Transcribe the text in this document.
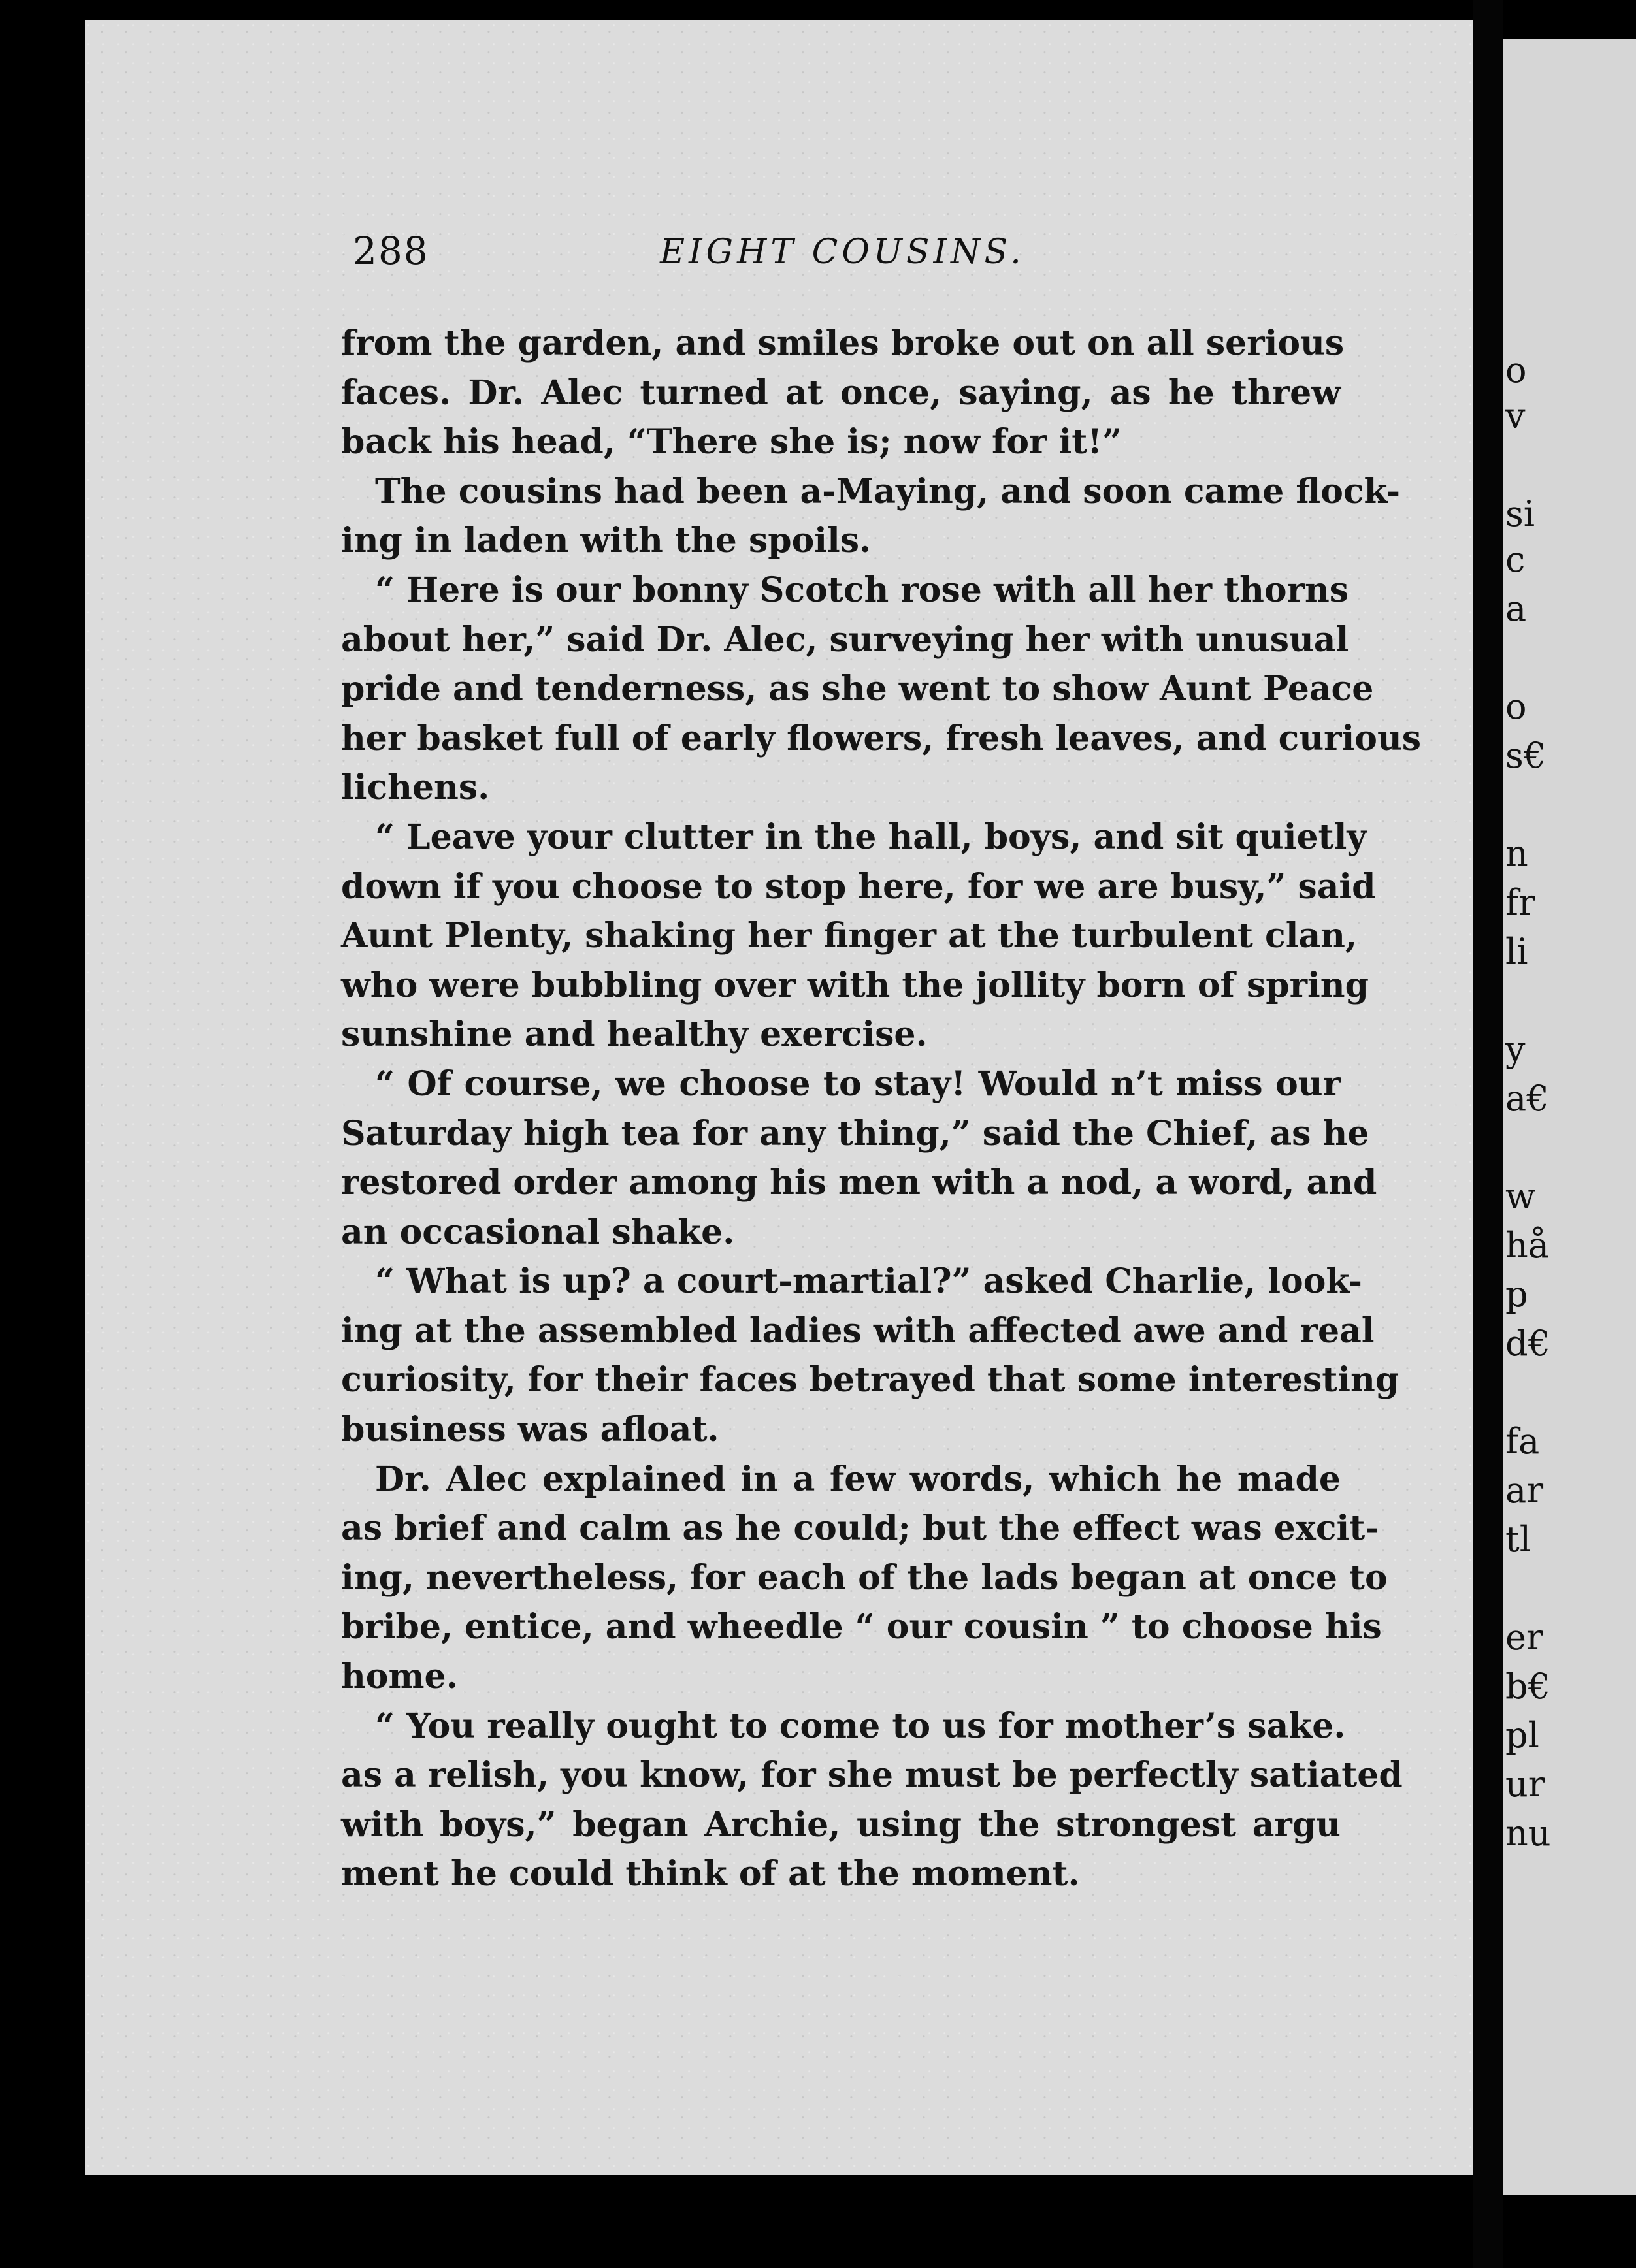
o
v
si
c
a
o
s€
n
fr
li
y
a€
w
hå
p
d€
fa
ar
tl
er
b€
pl
ur
nu
288	EIGHT COUSINS.
from the garden, and smiles broke out on all serious
faces. Dr. Alec turned at once, saying, as he threw
back his head, “There she is; now for it!”
The cousins had been a-Maying, and soon came flock-
ing in laden with the spoils.
“ Here is our bonny Scotch rose with all her thorns
about her,” said Dr. Alec, surveying her with unusual
pride and tenderness, as she went to show Aunt Peace
her basket full of early flowers, fresh leaves, and curious
lichens.
“ Leave your clutter in the hall, boys, and sit quietly
down if you choose to stop here, for we are busy,” said
Aunt Plenty, shaking her finger at the turbulent clan,
who were bubbling over with the jollity born of spring
sunshine and healthy exercise.
“ Of course, we choose to stay! Would n’t miss our
Saturday high tea for any thing,” said the Chief, as he
restored order among his men with a nod, a word, and
an occasional shake.
“ What is up? a court-martial?” asked Charlie, look-
ing at the assembled ladies with affected awe and real
curiosity, for their faces betrayed that some interesting
business was afloat.
Dr. Alec explained in a few words, which he made
as brief and calm as he could; but the effect was excit-
ing, nevertheless, for each of the lads began at once to
bribe, entice, and wheedle “ our cousin ” to choose his
home.
“ You really ought to come to us for mother’s sake.
as a relish, you know, for she must be perfectly satiated
with boys,” began Archie, using the strongest argu
ment he could think of at the moment.
